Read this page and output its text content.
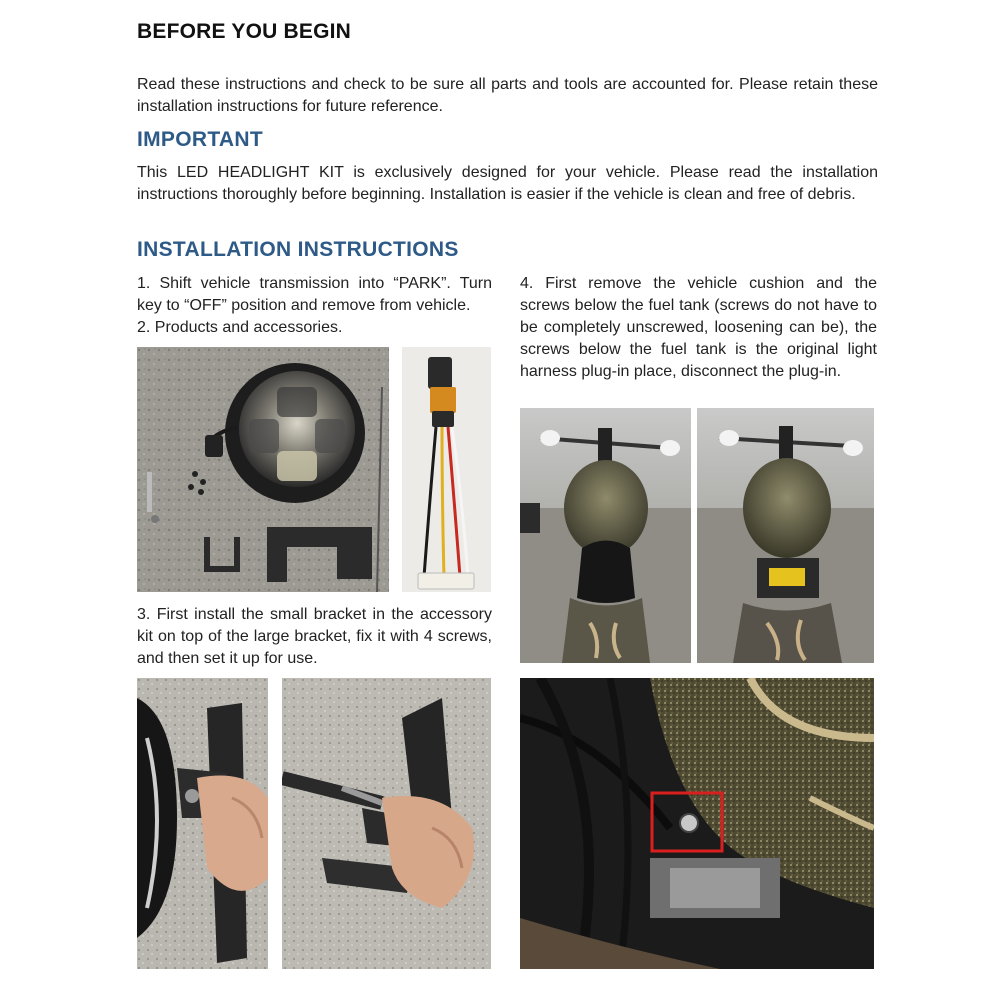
BEFORE YOU BEGIN

Read these instructions and check to be sure all parts and tools are accounted for. Please retain these installation instructions for future reference.

IMPORTANT

This LED HEADLIGHT KIT is exclusively designed for your vehicle. Please read the installation instructions thoroughly before beginning. Installation is easier if the vehicle is clean and free of debris.

INSTALLATION INSTRUCTIONS

1. Shift vehicle transmission into “PARK”. Turn key to “OFF” position and remove from vehicle.

2. Products and accessories.

4. First remove the vehicle cushion and the screws below the fuel tank (screws do not have to be completely unscrewed, loosening can be), the screws below the fuel tank is the original light harness plug-in place, disconnect the plug-in.

3. First install the small bracket in the accessory kit on top of the large bracket, fix it with 4 screws, and then set it up for use.
